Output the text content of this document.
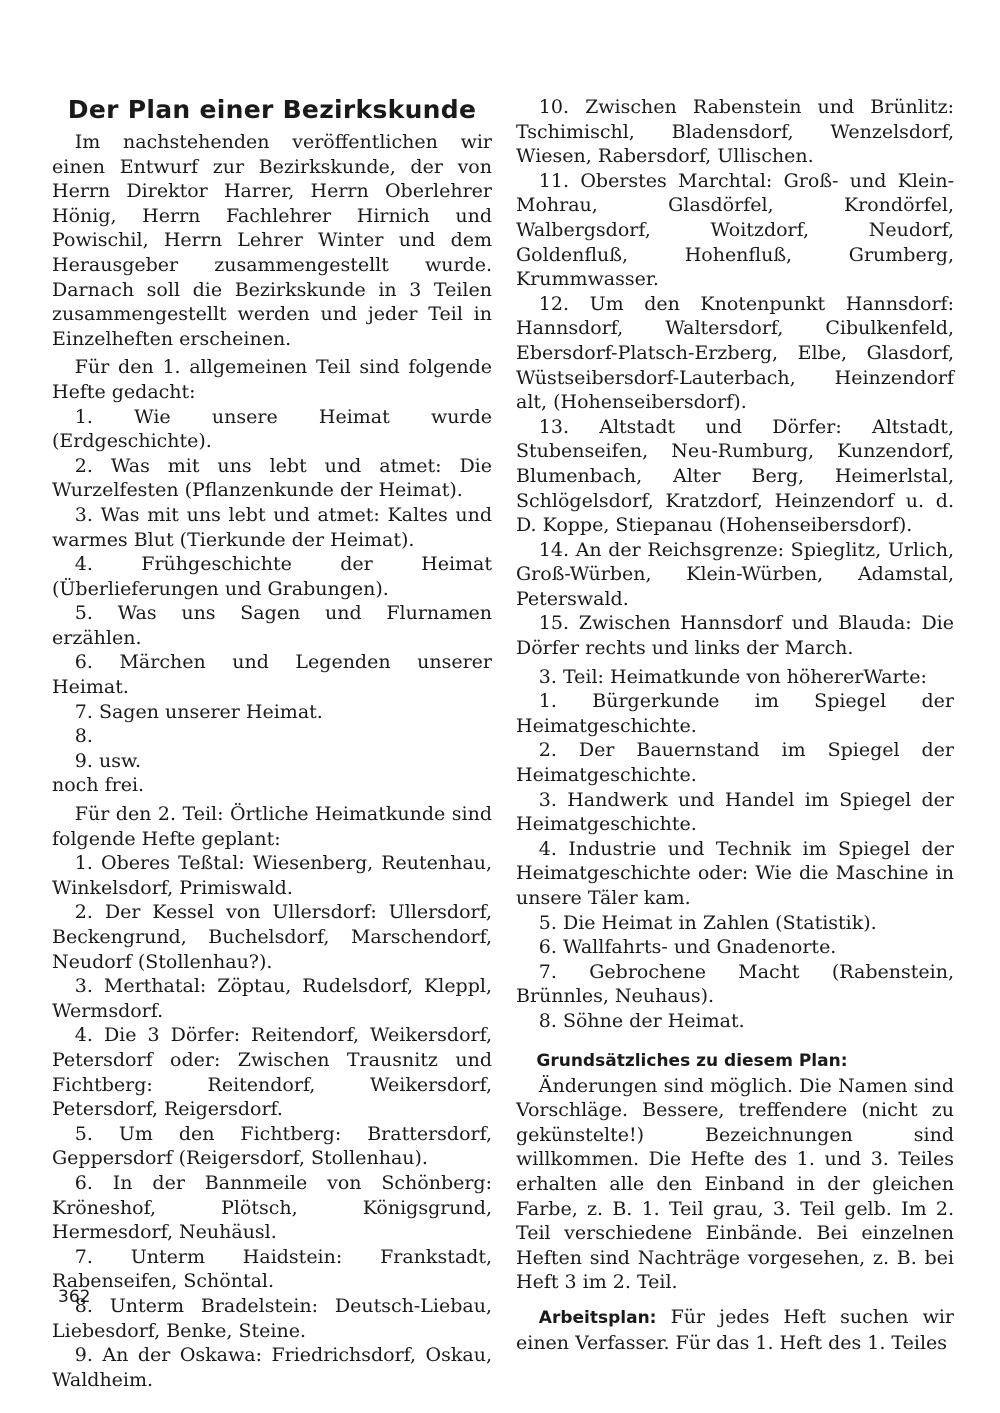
Der Plan einer Bezirkskunde

Im nachstehenden veröffentlichen wir einen Entwurf zur Bezirkskunde, der von Herrn Direktor Harrer, Herrn Oberlehrer Hönig, Herrn Fachlehrer Hirnich und Powischil, Herrn Lehrer Winter und dem Herausgeber zusammengestellt wurde. Darnach soll die Bezirkskunde in 3 Teilen zusammengestellt werden und jeder Teil in Einzelheften erscheinen.

Für den 1. allgemeinen Teil sind folgende Hefte gedacht:

1. Wie unsere Heimat wurde (Erdgeschichte).

2. Was mit uns lebt und atmet: Die Wurzelfesten (Pflanzenkunde der Heimat).

3. Was mit uns lebt und atmet: Kaltes und warmes Blut (Tierkunde der Heimat).

4. Frühgeschichte der Heimat (Überlieferungen und Grabungen).

5. Was uns Sagen und Flurnamen erzählen.

6. Märchen und Legenden unserer Heimat.

7. Sagen unserer Heimat.

8.

9. usw.

noch frei.

Für den 2. Teil: Örtliche Heimatkunde sind folgende Hefte geplant:

1. Oberes Teßtal: Wiesenberg, Reutenhau, Winkelsdorf, Primiswald.

2. Der Kessel von Ullersdorf: Ullersdorf, Beckengrund, Buchelsdorf, Marschendorf, Neudorf (Stollenhau?).

3. Merthatal: Zöptau, Rudelsdorf, Kleppl, Wermsdorf.

4. Die 3 Dörfer: Reitendorf, Weikersdorf, Petersdorf oder: Zwischen Trausnitz und Fichtberg: Reitendorf, Weikersdorf, Petersdorf, Reigersdorf.

5. Um den Fichtberg: Brattersdorf, Geppersdorf (Reigersdorf, Stollenhau).

6. In der Bannmeile von Schönberg: Kröneshof, Plötsch, Königsgrund, Hermesdorf, Neuhäusl.

7. Unterm Haidstein: Frankstadt, Rabenseifen, Schöntal.

8. Unterm Bradelstein: Deutsch-Liebau, Liebesdorf, Benke, Steine.

9. An der Oskawa: Friedrichsdorf, Oskau, Waldheim.

10. Zwischen Rabenstein und Brünlitz: Tschimischl, Bladensdorf, Wenzelsdorf, Wiesen, Rabersdorf, Ullischen.

11. Oberstes Marchtal: Groß- und Klein-Mohrau, Glasdörfel, Krondörfel, Walbergsdorf, Woitzdorf, Neudorf, Goldenfluß, Hohenfluß, Grumberg, Krummwasser.

12. Um den Knotenpunkt Hannsdorf: Hannsdorf, Waltersdorf, Cibulkenfeld, Ebersdorf-Platsch-Erzberg, Elbe, Glasdorf, Wüstseibersdorf-Lauterbach, Heinzendorf alt, (Hohenseibersdorf).

13. Altstadt und Dörfer: Altstadt, Stubenseifen, Neu-Rumburg, Kunzendorf, Blumenbach, Alter Berg, Heimerlstal, Schlögelsdorf, Kratzdorf, Heinzendorf u. d. D. Koppe, Stiepanau (Hohenseibersdorf).

14. An der Reichsgrenze: Spieglitz, Urlich, Groß-Würben, Klein-Würben, Adamstal, Peterswald.

15. Zwischen Hannsdorf und Blauda: Die Dörfer rechts und links der March.

3. Teil: Heimatkunde von höhererWarte:

1. Bürgerkunde im Spiegel der Heimatgeschichte.

2. Der Bauernstand im Spiegel der Heimatgeschichte.

3. Handwerk und Handel im Spiegel der Heimatgeschichte.

4. Industrie und Technik im Spiegel der Heimatgeschichte oder: Wie die Maschine in unsere Täler kam.

5. Die Heimat in Zahlen (Statistik).

6. Wallfahrts- und Gnadenorte.

7. Gebrochene Macht (Rabenstein, Brünnles, Neuhaus).

8. Söhne der Heimat.

Grundsätzliches zu diesem Plan:

Änderungen sind möglich. Die Namen sind Vorschläge. Bessere, treffendere (nicht zu gekünstelte!) Bezeichnungen sind willkommen. Die Hefte des 1. und 3. Teiles erhalten alle den Einband in der gleichen Farbe, z. B. 1. Teil grau, 3. Teil gelb. Im 2. Teil verschiedene Einbände. Bei einzelnen Heften sind Nachträge vorgesehen, z. B. bei Heft 3 im 2. Teil.

Arbeitsplan: Für jedes Heft suchen wir einen Verfasser. Für das 1. Heft des 1. Teiles

362
